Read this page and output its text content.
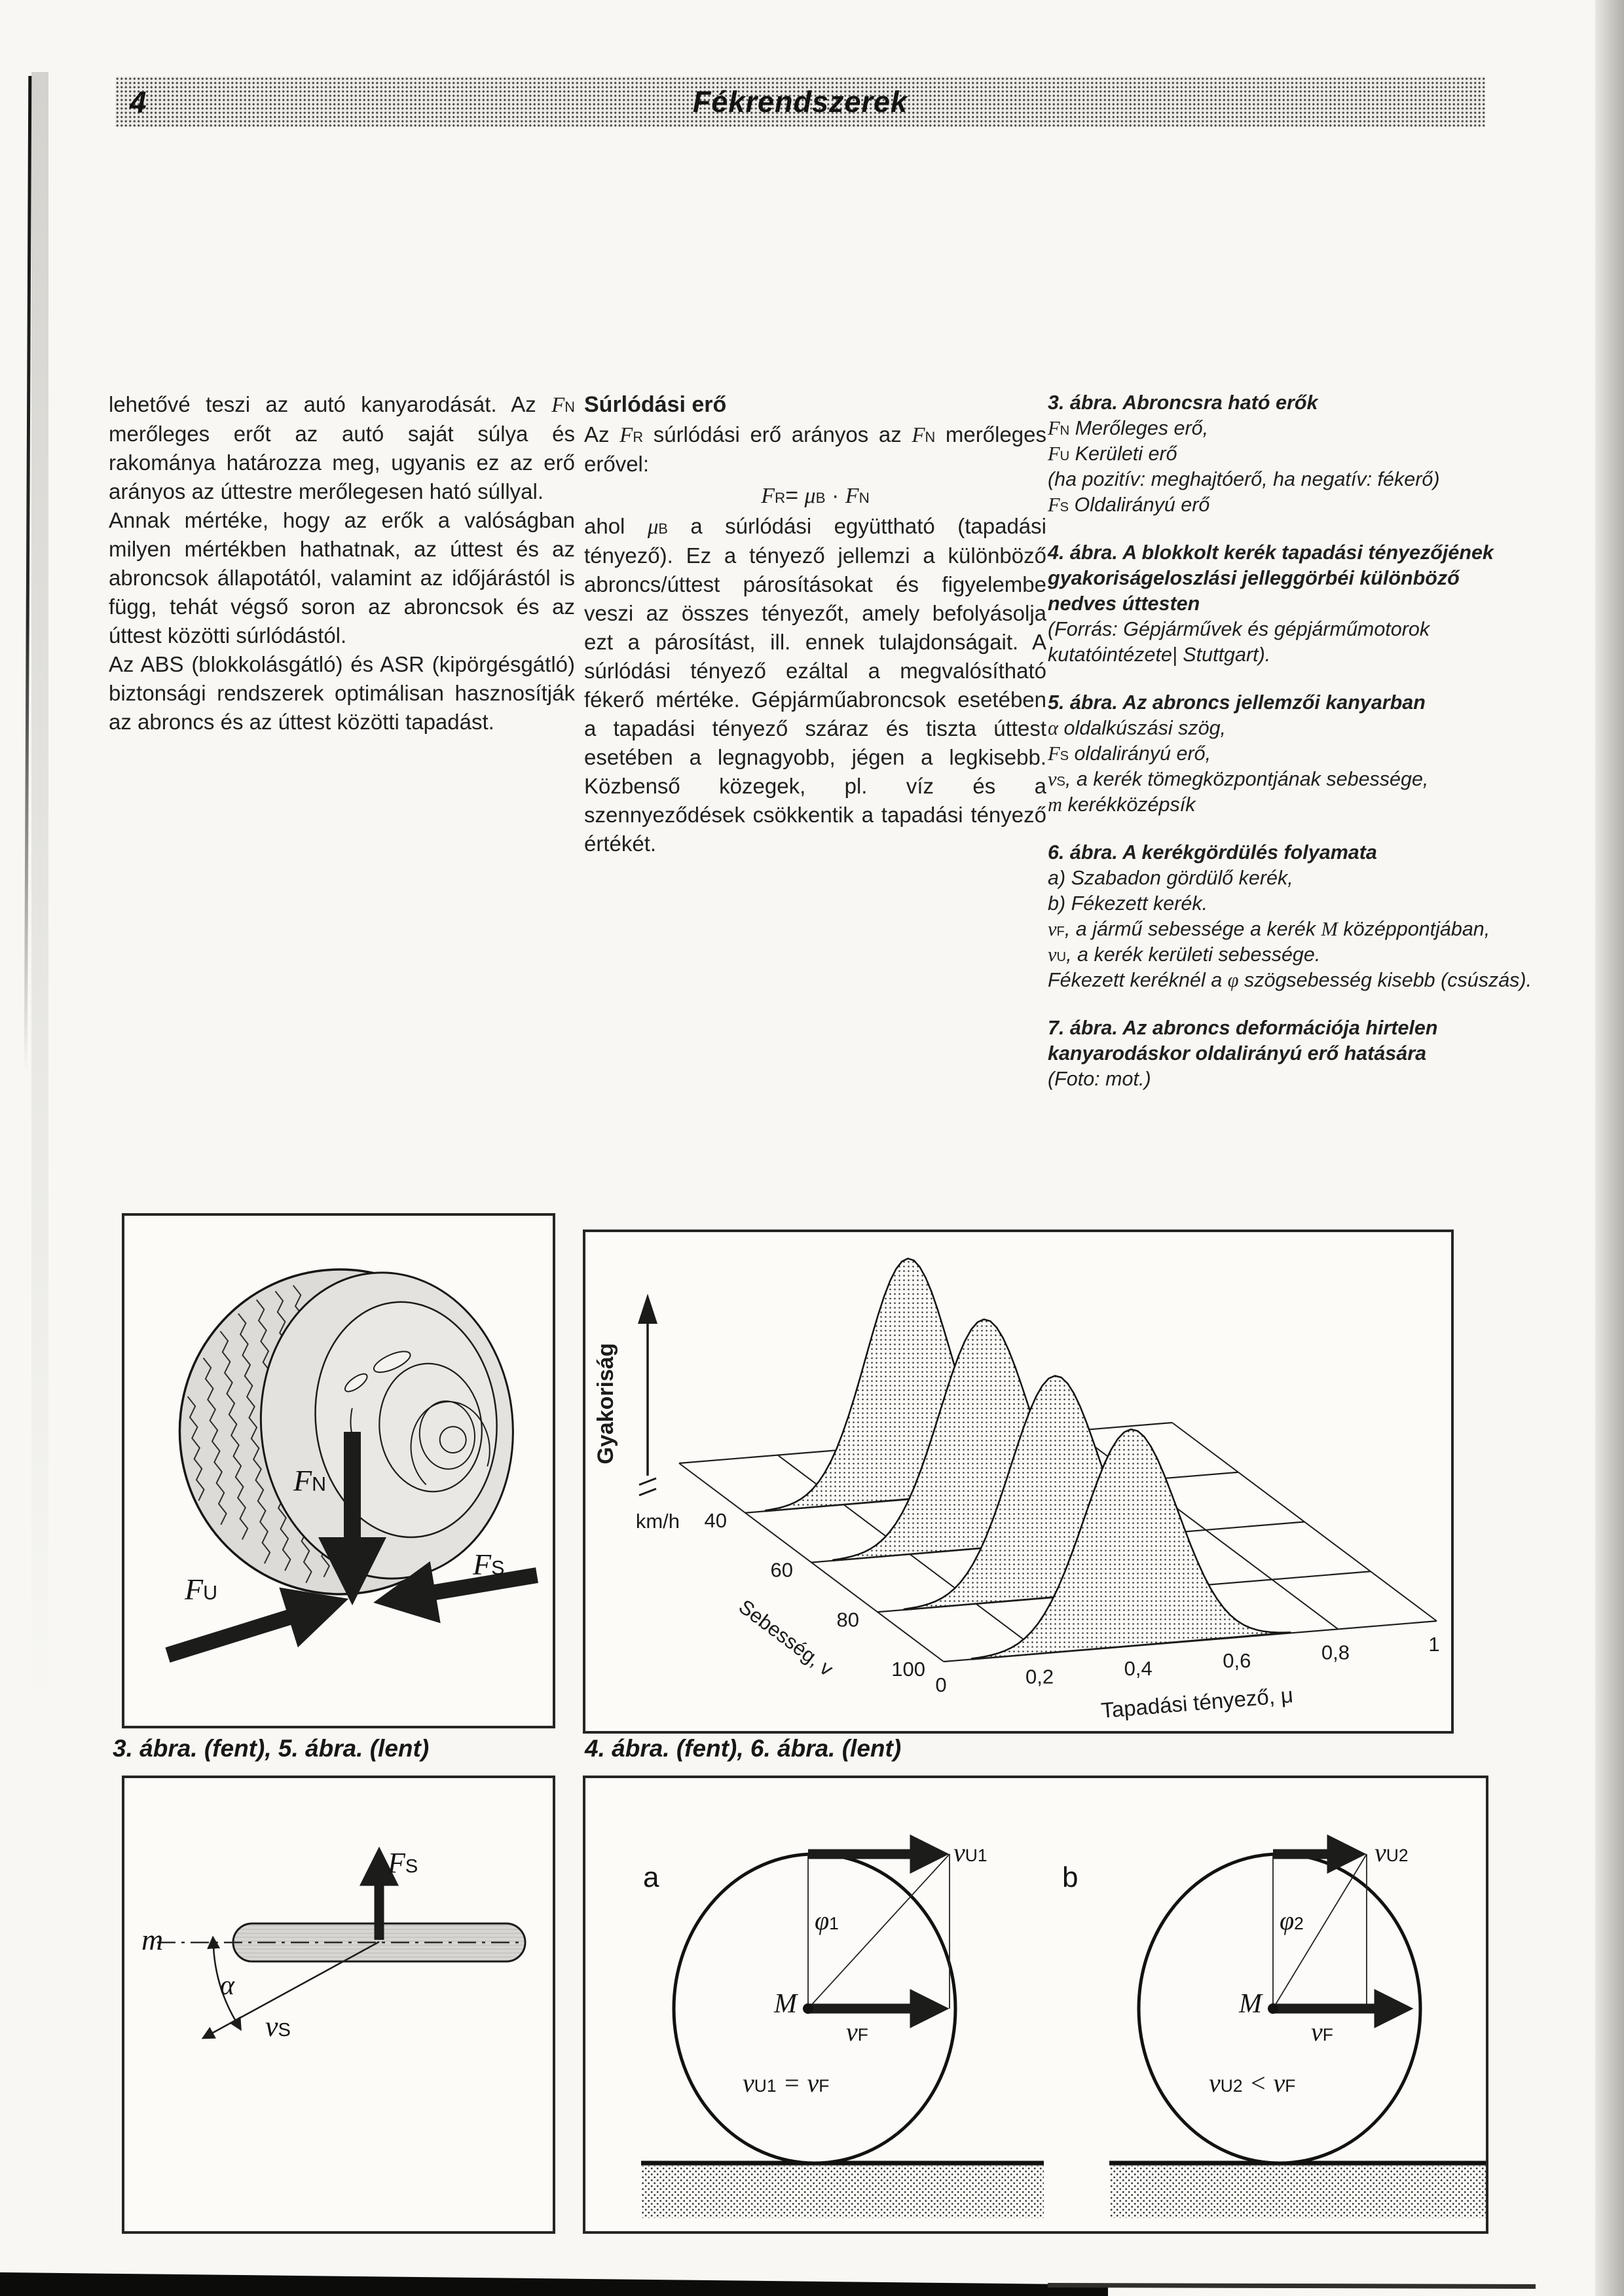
4	Fékrendszerek

lehetővé teszi az autó kanyarodását. Az $F_N$ merőleges erőt az autó saját súlya és rakománya határozza meg, ugyanis ez az erő arányos az úttestre merőlegesen ható súllyal.

Annak mértéke, hogy az erők a valóságban milyen mértékben hathatnak, az úttest és az abroncsok állapotától, valamint az időjárástól is függ, tehát végső soron az abroncsok és az úttest közötti súrlódástól.

Az ABS (blokkolásgátló) és ASR (kipörgésgátló) biztonsági rendszerek optimálisan hasznosítják az abroncs és az úttest közötti tapadást.

Súrlódási erő

Az $F_R$ súrlódási erő arányos az $F_N$ merőleges erővel:

$F_R= \mu_B \cdot F_N$

ahol $\mu_B$ a súrlódási együttható (tapadási tényező). Ez a tényező jellemzi a különböző abroncs/úttest párosításokat és figyelembe veszi az összes tényezőt, amely befolyásolja ezt a párosítást, ill. ennek tulajdonságait. A súrlódási tényező ezáltal a megvalósítható fékerő mértéke. Gépjárműabroncsok esetében a tapadási tényező száraz és tiszta úttest esetében a legnagyobb, jégen a legkisebb. Közbenső közegek, pl. víz és a szennyeződések csökkentik a tapadási tényező értékét.

3. ábra. Abroncsra ható erők
$F_N$ Merőleges erő,
$F_U$ Kerületi erő
(ha pozitív: meghajtóerő, ha negatív: fékerő)
$F_S$ Oldalirányú erő
4. ábra. A blokkolt kerék tapadási tényezőjének gyakoriságeloszlási jelleggörbéi különböző nedves úttesten
(Forrás: Gépjárművek és gépjárműmotorok kutatóintézete| Stuttgart).
5. ábra. Az abroncs jellemzői kanyarban
α oldalkúszási szög,
$F_S$ oldalirányú erő,
$v_S$, a kerék tömegközpontjának sebessége,
m kerékközépsík
6. ábra. A kerékgördülés folyamata
a) Szabadon gördülő kerék,
b) Fékezett kerék.
$v_F$, a jármű sebessége a kerék M középpontjában,
$v_U$, a kerék kerületi sebessége.
Fékezett keréknél a φ szögsebesség kisebb (csúszás).
7. ábra. Az abroncs deformációja hirtelen kanyarodáskor oldalirányú erő hatására
(Foto: mot.)
$F_N$
$F_U$
$F_S$
Gyakoriság
km/h 40
60
80
100
Sebesség, v
0	0,2	0,4	0,6	0,8	1
Tapadási tényező, μ
3. ábra. (fent), 5. ábra. (lent)	4. ábra. (fent), 6. ábra. (lent)
m
α
$F_S$
$v_S$
a
$v_{U1}$
$\varphi_1$
M
$v_F$
$v_{U1} = v_F$
b
$v_{U2}$
$\varphi_2$
M
$v_F$
$v_{U2} < v_F$
